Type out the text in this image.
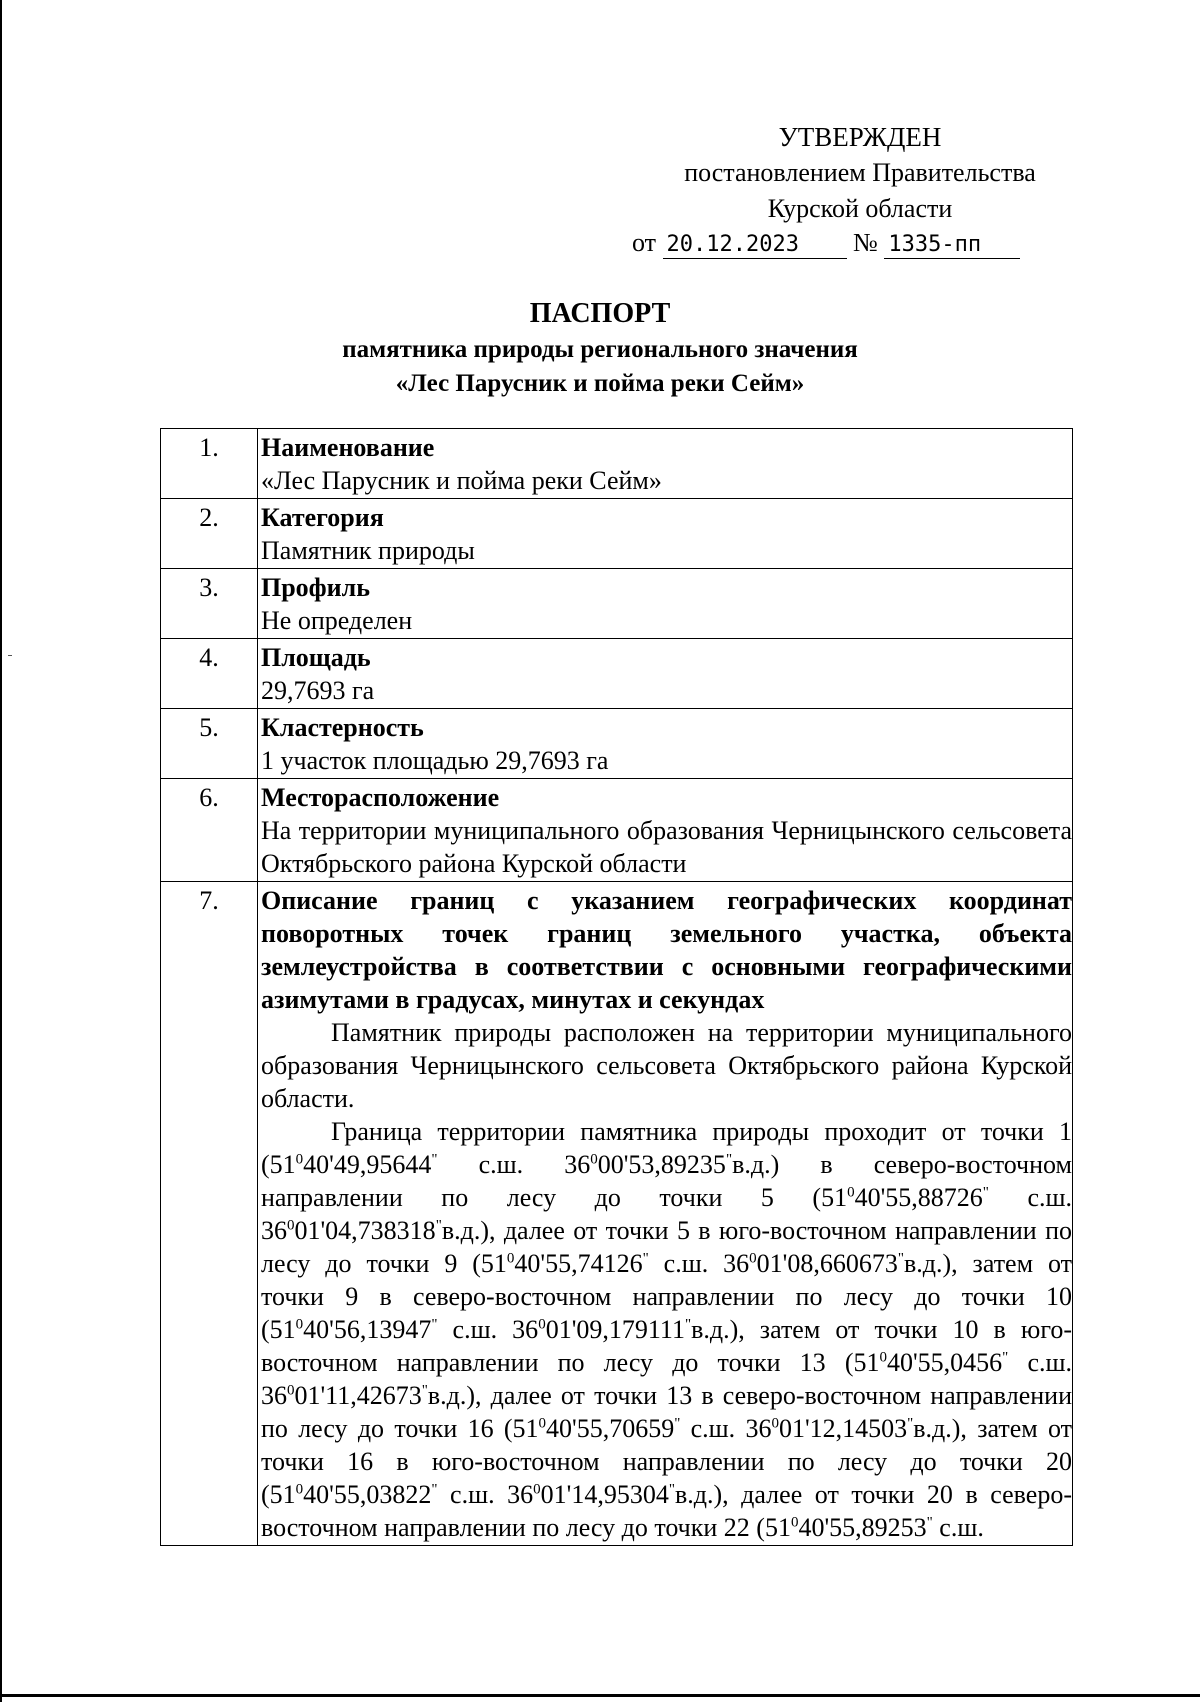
УТВЕРЖДЕН
постановлением Правительства
Курской области
от 20.12.2023 № 1335-пп
ПАСПОРТ
памятника природы регионального значения
«Лес Парусник и пойма реки Сейм»
1.	Наименование
«Лес Парусник и пойма реки Сейм»

2.	Категория
Памятник природы

3.	Профиль
Не определен

4.	Площадь
29,7693 га

5.	Кластерность
1 участок площадью 29,7693 га

6.	Месторасположение
На территории муниципального образования Черницынского сельсовета Октябрьского района Курской области

7.	Описание границ с указанием географических координат поворотных точек границ земельного участка, объекта землеустройства в соответствии с основными географическими азимутами в градусах, минутах и секундах
Памятник природы расположен на территории муниципального образования Черницынского сельсовета Октябрьского района Курской области.
Граница территории памятника природы проходит от точки 1 ($51^040'49,95644^"$ с.ш. $36^000'53,89235^"в.д$.) в северо-восточном направлении по лесу до точки 5 ($51^040'55,88726^"$ с.ш. $36^001'04,738318^"в.д$.), далее от точки 5 в юго-восточном направлении по лесу до точки 9 ($51^040'55,74126^"$ с.ш. $36^001'08,660673^"в.д$.), затем от точки 9 в северо-восточном направлении по лесу до точки 10 ($51^040'56,13947^"$ с.ш. $36^001'09,179111^"в.д$.), затем от точки 10 в юго-восточном направлении по лесу до точки 13 ($51^040'55,0456^"$ с.ш. $36^001'11,42673^"в.д$.), далее от точки 13 в северо-восточном направлении по лесу до точки 16 ($51^040'55,70659^"$ с.ш. $36^001'12,14503^"в.д$.), затем от точки 16 в юго-восточном направлении по лесу до точки 20 ($51^040'55,03822^"$ с.ш. $36^001'14,95304^"в.д$.), далее от точки 20 в северо-восточном направлении по лесу до точки 22 ($51^040'55,89253^"$ с.ш.
